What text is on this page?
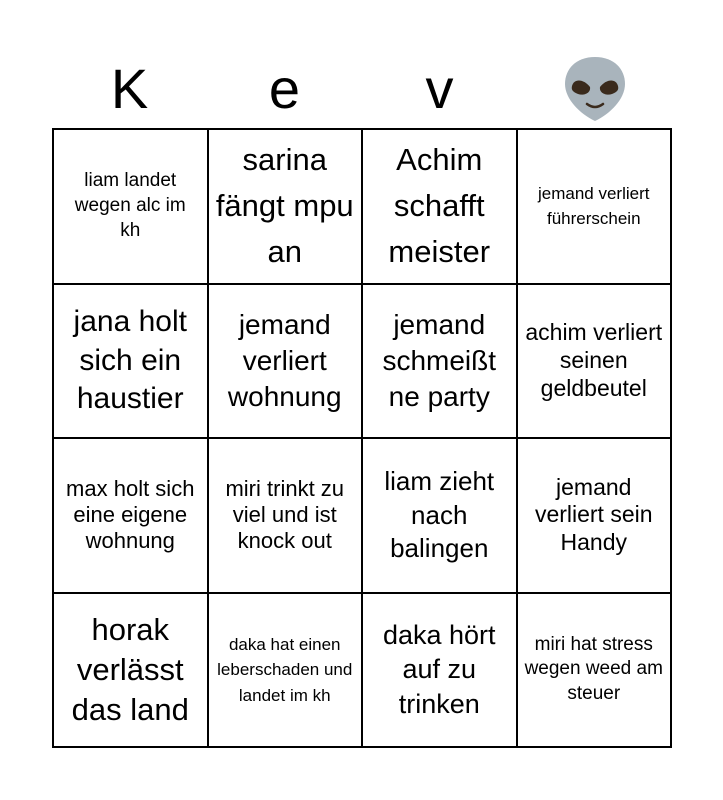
K	e	v
liam landet wegen alc im kh
sarina fängt mpu an
Achim schafft meister
jemand verliert führerschein
jana holt sich ein haustier
jemand verliert wohnung
jemand schmeißt ne party
achim verliert seinen geldbeutel
max holt sich eine eigene wohnung
miri trinkt zu viel und ist knock out
liam zieht nach balingen
jemand verliert sein Handy
horak verlässt das land
daka hat einen leberschaden und landet im kh
daka hört auf zu trinken
miri hat stress wegen weed am steuer
